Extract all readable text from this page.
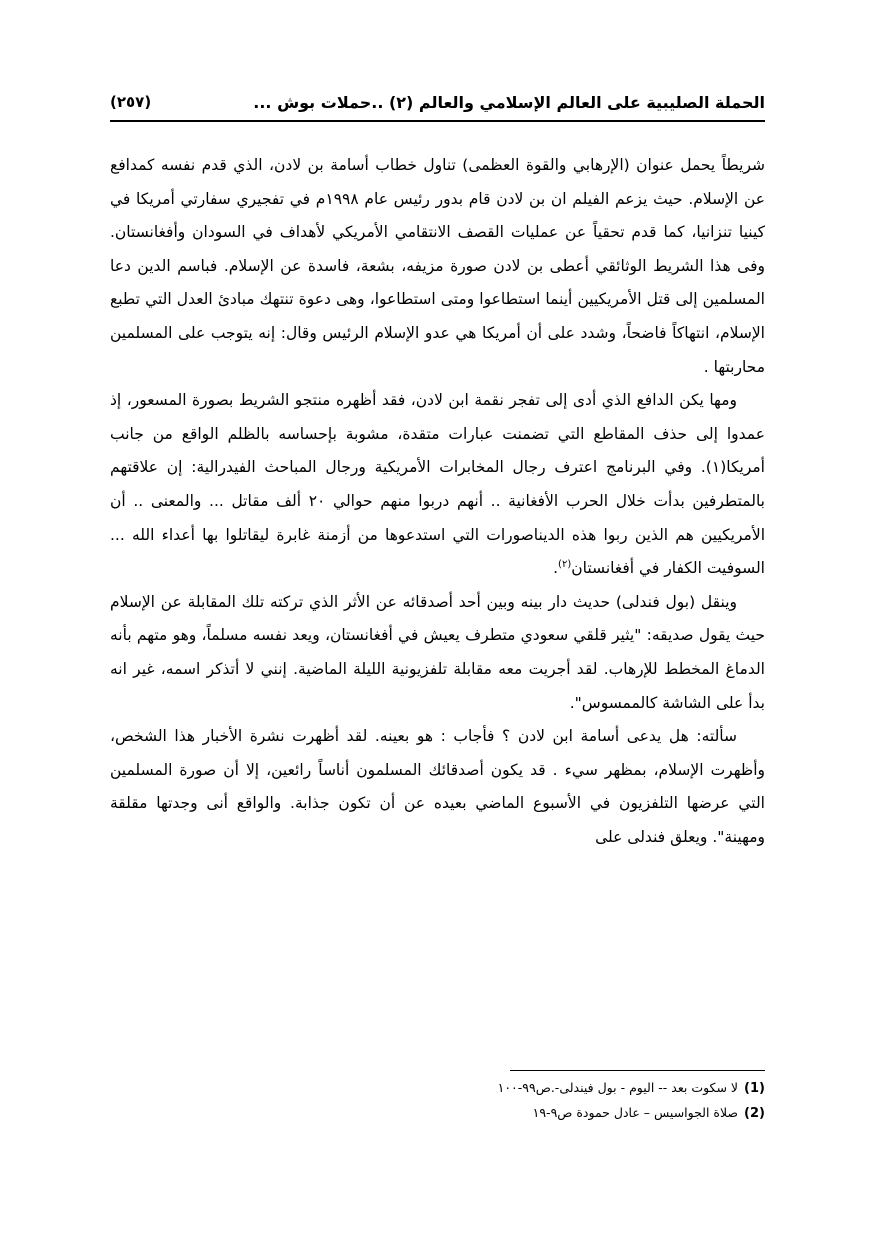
الحملة الصليبية على العالم الإسلامي والعالم (٢) ..حملات بوش ...
(٢٥٧)

شريطاً يحمل عنوان (الإرهابي والقوة العظمى) تناول خطاب أسامة بن لادن، الذي قدم نفسه كمدافع عن الإسلام. حيث يزعم الفيلم ان بن لادن قام بدور رئيس عام ١٩٩٨م في تفجيري سفارتي أمريكا في كينيا تنزانيا، كما قدم تحقياً عن عمليات القصف الانتقامي الأمريكي لأهداف في السودان وأفغانستان. وفى هذا الشريط الوثائقي أعطى بن لادن صورة مزيفه، بشعة، فاسدة عن الإسلام. فباسم الدين دعا المسلمين إلى قتل الأمريكيين أينما استطاعوا ومتى استطاعوا، وهى دعوة تنتهك مبادئ العدل التي تطبع الإسلام، انتهاكاً فاضحاً، وشدد على أن أمريكا هي عدو الإسلام الرئيس وقال: إنه يتوجب على المسلمين محاربتها .

ومها يكن الدافع الذي أدى إلى تفجر نقمة ابن لادن، فقد أظهره منتجو الشريط بصورة المسعور، إذ عمدوا إلى حذف المقاطع التي تضمنت عبارات متقدة، مشوبة بإحساسه بالظلم الواقع من جانب أمريكا(١). وفي البرنامج اعترف رجال المخابرات الأمريكية ورجال المباحث الفيدرالية: إن علاقتهم بالمتطرفين بدأت خلال الحرب الأفغانية .. أنهم دربوا منهم حوالي ٢٠ ألف مقاتل ... والمعنى .. أن الأمريكيين هم الذين ربوا هذه الديناصورات التي استدعوها من أزمنة غابرة ليقاتلوا بها أعداء الله ... السوفيت الكفار في أفغانستان$^{(٢)}$.

وينقل (بول فندلى) حديث دار بينه وبين أحد أصدقائه عن الأثر الذي تركته تلك المقابلة عن الإسلام حيث يقول صديقه: "يثير قلقي سعودي متطرف يعيش في أفغانستان، ويعد نفسه مسلماً، وهو متهم بأنه الدماغ المخطط للإرهاب. لقد أجريت معه مقابلة تلفزيونية الليلة الماضية. إنني لا أتذكر اسمه، غير انه بدأ على الشاشة كالممسوس".

سألته: هل يدعى أسامة ابن لادن ؟ فأجاب : هو بعينه. لقد أظهرت نشرة الأخبار هذا الشخص، وأظهرت الإسلام، بمظهر سيء . قد يكون أصدقائك المسلمون أناساً رائعين، إلا أن صورة المسلمين التي عرضها التلفزيون في الأسبوع الماضي بعيده عن أن تكون جذابة. والواقع أنى وجدتها مقلقة ومهينة". ويعلق فندلى على

(1)
لا سكوت بعد -- اليوم - بول فيندلى-.ص٩٩-١٠٠
(2)
صلاة الجواسيس – عادل حمودة ص٩-١٩
